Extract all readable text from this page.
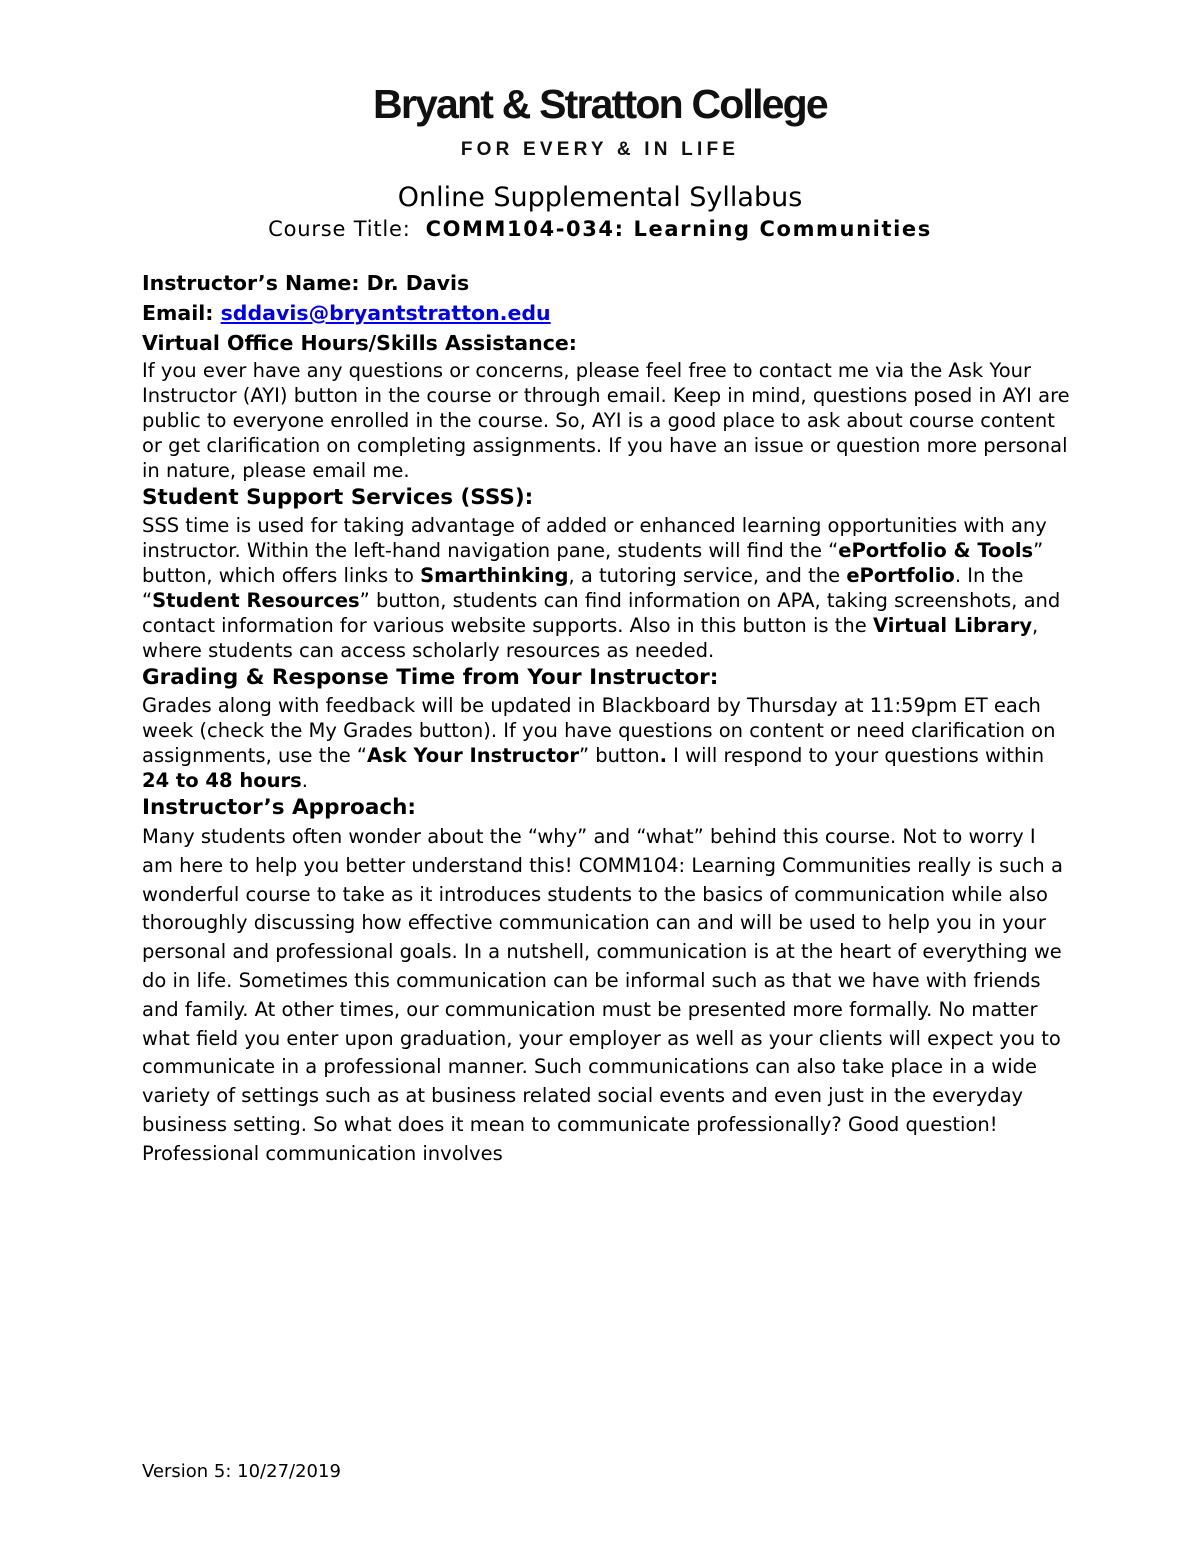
Bryant & Stratton College
FOR EVERY & IN LIFE
Online Supplemental Syllabus
Course Title: COMM104-034: Learning Communities

Instructor’s Name: Dr. Davis

Email: sddavis@bryantstratton.edu

Virtual Office Hours/Skills Assistance:

If you ever have any questions or concerns, please feel free to contact me via the Ask Your Instructor (AYI) button in the course or through email. Keep in mind, questions posed in AYI are public to everyone enrolled in the course. So, AYI is a good place to ask about course content or get clarification on completing assignments. If you have an issue or question more personal in nature, please email me.

Student Support Services (SSS):

SSS time is used for taking advantage of added or enhanced learning opportunities with any instructor. Within the left-hand navigation pane, students will find the “ePortfolio & Tools” button, which offers links to Smarthinking, a tutoring service, and the ePortfolio. In the “Student Resources” button, students can find information on APA, taking screenshots, and contact information for various website supports. Also in this button is the Virtual Library, where students can access scholarly resources as needed.

Grading & Response Time from Your Instructor:

Grades along with feedback will be updated in Blackboard by Thursday at 11:59pm ET each week (check the My Grades button). If you have questions on content or need clarification on assignments, use the “Ask Your Instructor” button. I will respond to your questions within 24 to 48 hours.

Instructor’s Approach:

Many students often wonder about the “why” and “what” behind this course. Not to worry I am here to help you better understand this! COMM104: Learning Communities really is such a wonderful course to take as it introduces students to the basics of communication while also thoroughly discussing how effective communication can and will be used to help you in your personal and professional goals. In a nutshell, communication is at the heart of everything we do in life. Sometimes this communication can be informal such as that we have with friends and family. At other times, our communication must be presented more formally. No matter what field you enter upon graduation, your employer as well as your clients will expect you to communicate in a professional manner. Such communications can also take place in a wide variety of settings such as at business related social events and even just in the everyday business setting. So what does it mean to communicate professionally? Good question! Professional communication involves

Version 5: 10/27/2019
